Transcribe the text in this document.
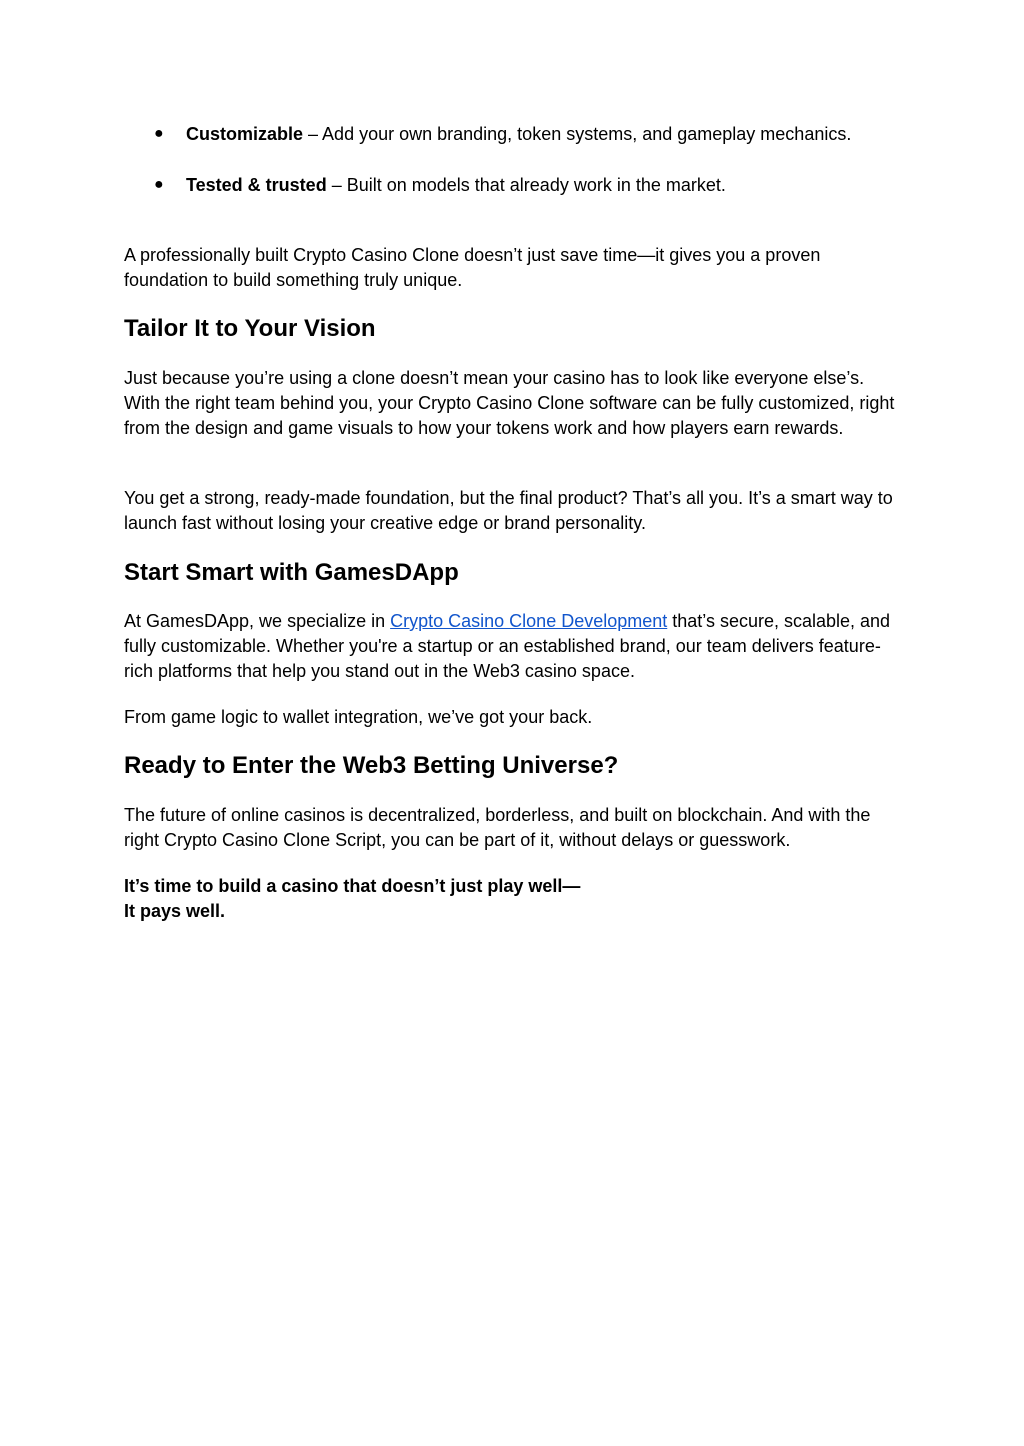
● Customizable – Add your own branding, token systems, and gameplay mechanics.
● Tested & trusted – Built on models that already work in the market.

A professionally built Crypto Casino Clone doesn’t just save time—it gives you a proven foundation to build something truly unique.

Tailor It to Your Vision

Just because you’re using a clone doesn’t mean your casino has to look like everyone else’s. With the right team behind you, your Crypto Casino Clone software can be fully customized, right from the design and game visuals to how your tokens work and how players earn rewards.

You get a strong, ready-made foundation, but the final product? That’s all you. It’s a smart way to launch fast without losing your creative edge or brand personality.

Start Smart with GamesDApp

At GamesDApp, we specialize in Crypto Casino Clone Development that’s secure, scalable, and fully customizable. Whether you're a startup or an established brand, our team delivers feature-rich platforms that help you stand out in the Web3 casino space.

From game logic to wallet integration, we’ve got your back.

Ready to Enter the Web3 Betting Universe?

The future of online casinos is decentralized, borderless, and built on blockchain. And with the right Crypto Casino Clone Script, you can be part of it, without delays or guesswork.

It’s time to build a casino that doesn’t just play well—
It pays well.
